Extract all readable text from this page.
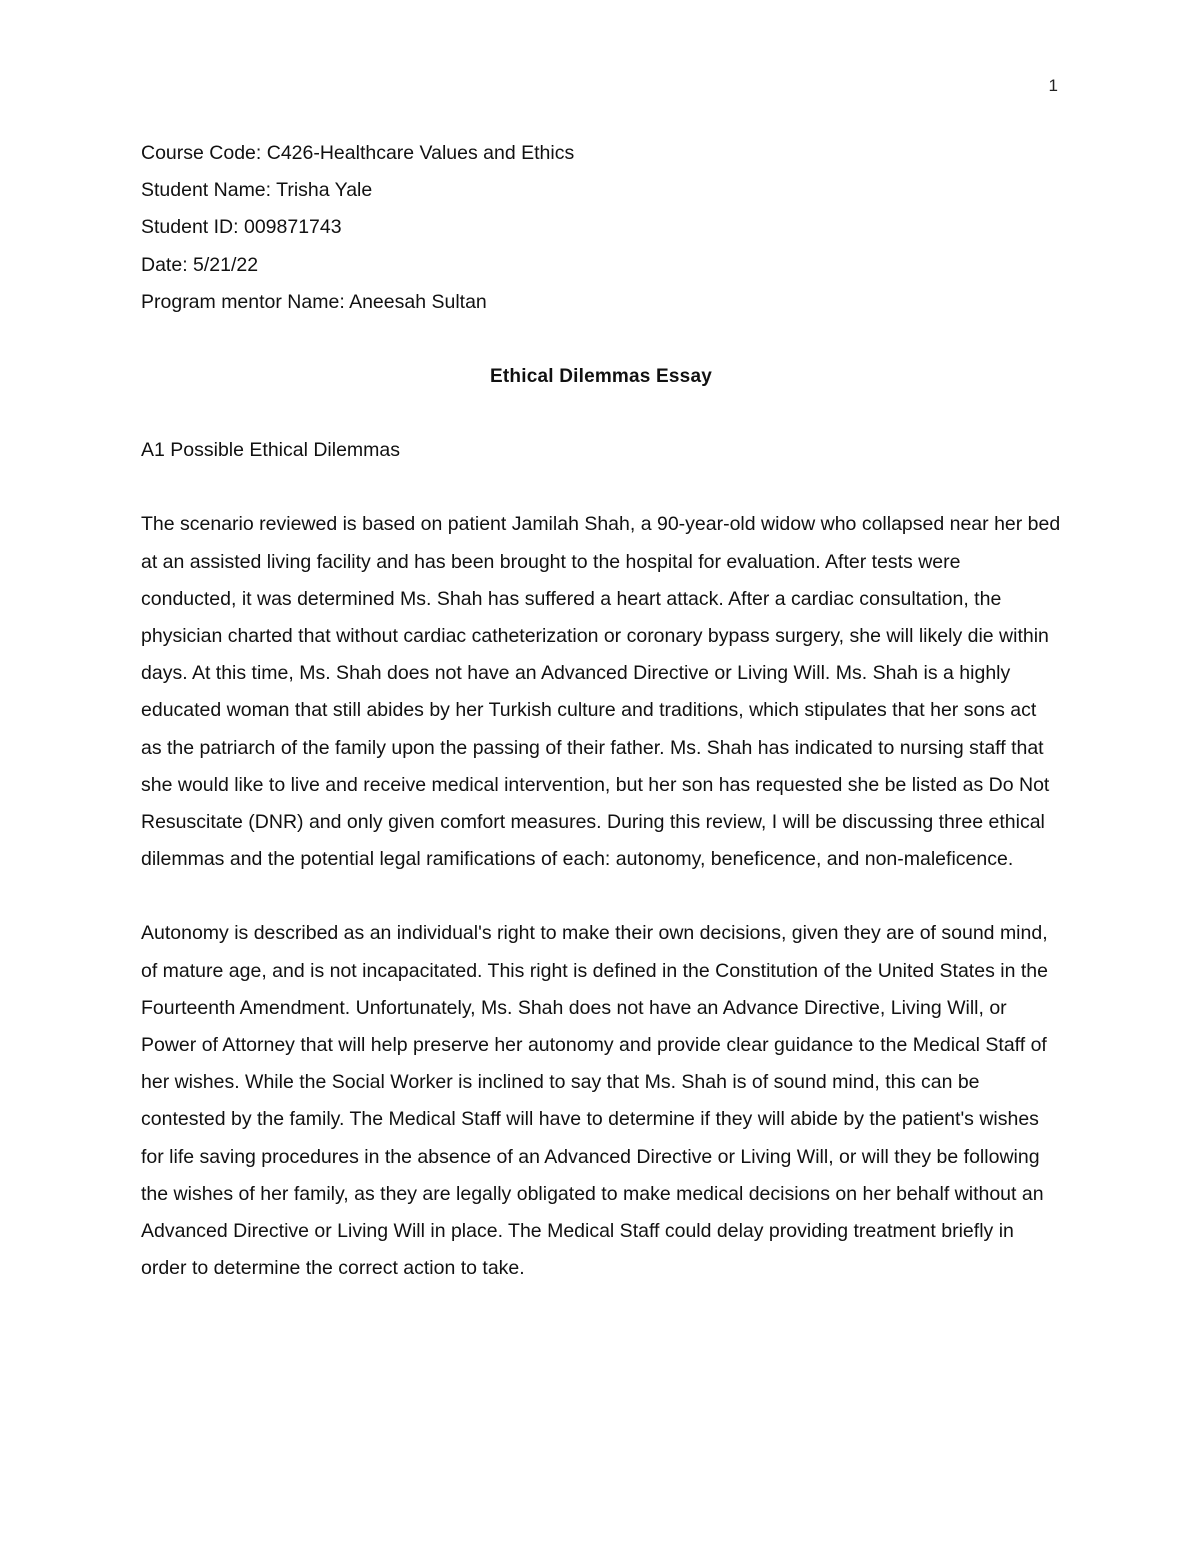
1
Course Code: C426-Healthcare Values and Ethics
Student Name: Trisha Yale
Student ID: 009871743
Date: 5/21/22
Program mentor Name: Aneesah Sultan
Ethical Dilemmas Essay
A1 Possible Ethical Dilemmas

The scenario reviewed is based on patient Jamilah Shah, a 90-year-old widow who collapsed near her bed at an assisted living facility and has been brought to the hospital for evaluation. After tests were conducted, it was determined Ms. Shah has suffered a heart attack. After a cardiac consultation, the physician charted that without cardiac catheterization or coronary bypass surgery, she will likely die within days. At this time, Ms. Shah does not have an Advanced Directive or Living Will. Ms. Shah is a highly educated woman that still abides by her Turkish culture and traditions, which stipulates that her sons act as the patriarch of the family upon the passing of their father. Ms. Shah has indicated to nursing staff that she would like to live and receive medical intervention, but her son has requested she be listed as Do Not Resuscitate (DNR) and only given comfort measures. During this review, I will be discussing three ethical dilemmas and the potential legal ramifications of each: autonomy, beneficence, and non-maleficence.

Autonomy is described as an individual's right to make their own decisions, given they are of sound mind, of mature age, and is not incapacitated. This right is defined in the Constitution of the United States in the Fourteenth Amendment. Unfortunately, Ms. Shah does not have an Advance Directive, Living Will, or Power of Attorney that will help preserve her autonomy and provide clear guidance to the Medical Staff of her wishes. While the Social Worker is inclined to say that Ms. Shah is of sound mind, this can be contested by the family. The Medical Staff will have to determine if they will abide by the patient's wishes for life saving procedures in the absence of an Advanced Directive or Living Will, or will they be following the wishes of her family, as they are legally obligated to make medical decisions on her behalf without an Advanced Directive or Living Will in place. The Medical Staff could delay providing treatment briefly in order to determine the correct action to take.
